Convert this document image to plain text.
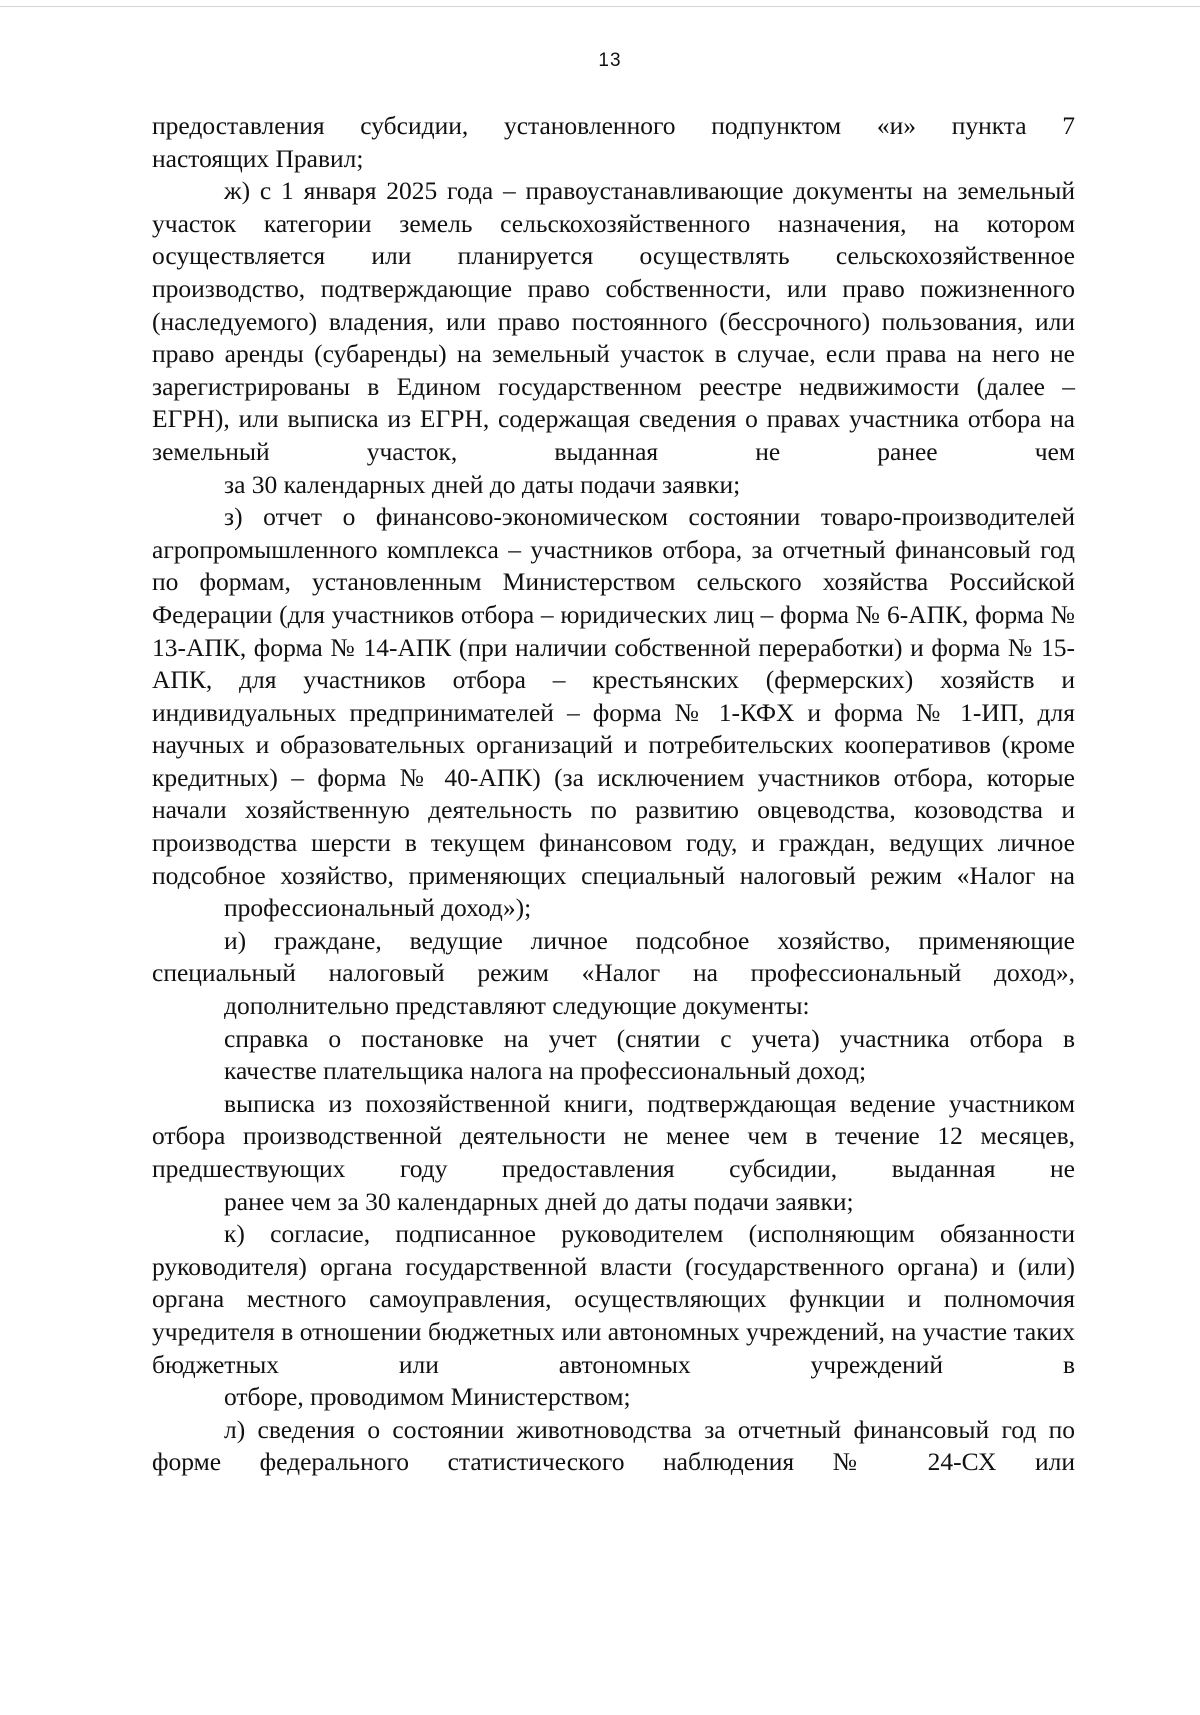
13

предоставления субсидии, установленного подпунктом «и» пункта 7
настоящих Правил;

ж) с 1 января 2025 года – правоустанавливающие документы на земельный участок категории земель сельскохозяйственного назначения, на котором осуществляется или планируется осуществлять сельскохозяйственное производство, подтверждающие право собственности, или право пожизненного (наследуемого) владения, или право постоянного (бессрочного) пользования, или право аренды (субаренды) на земельный участок в случае, если права на него не зарегистрированы в Едином государственном реестре недвижимости (далее – ЕГРН), или выписка из ЕГРН, содержащая сведения о правах участника отбора на земельный участок, выданная не ранее чем
за 30 календарных дней до даты подачи заявки;

з) отчет о финансово-экономическом состоянии товаро-производителей агропромышленного комплекса – участников отбора, за отчетный финансовый год по формам, установленным Министерством сельского хозяйства Российской Федерации (для участников отбора – юридических лиц – форма № 6-АПК, форма № 13-АПК, форма № 14-АПК (при наличии собственной переработки) и форма № 15-АПК, для участников отбора – крестьянских (фермерских) хозяйств и индивидуальных предпринимателей – форма № 1-КФХ и форма № 1-ИП, для научных и образовательных организаций и потребительских кооперативов (кроме кредитных) – форма № 40-АПК) (за исключением участников отбора, которые начали хозяйственную деятельность по развитию овцеводства, козоводства и производства шерсти в текущем финансовом году, и граждан, ведущих личное подсобное хозяйство, применяющих специальный налоговый режим «Налог на
профессиональный доход»);

и) граждане, ведущие личное подсобное хозяйство, применяющие специальный налоговый режим «Налог на профессиональный доход»,
дополнительно представляют следующие документы:

справка о постановке на учет (снятии с учета) участника отбора в
качестве плательщика налога на профессиональный доход;

выписка из похозяйственной книги, подтверждающая ведение участником отбора производственной деятельности не менее чем в течение 12 месяцев, предшествующих году предоставления субсидии, выданная не
ранее чем за 30 календарных дней до даты подачи заявки;

к) согласие, подписанное руководителем (исполняющим обязанности руководителя) органа государственной власти (государственного органа) и (или) органа местного самоуправления, осуществляющих функции и полномочия учредителя в отношении бюджетных или автономных учреждений, на участие таких бюджетных или автономных учреждений в
отборе, проводимом Министерством;

л) сведения о состоянии животноводства за отчетный финансовый год по форме федерального статистического наблюдения № 24-СХ или
